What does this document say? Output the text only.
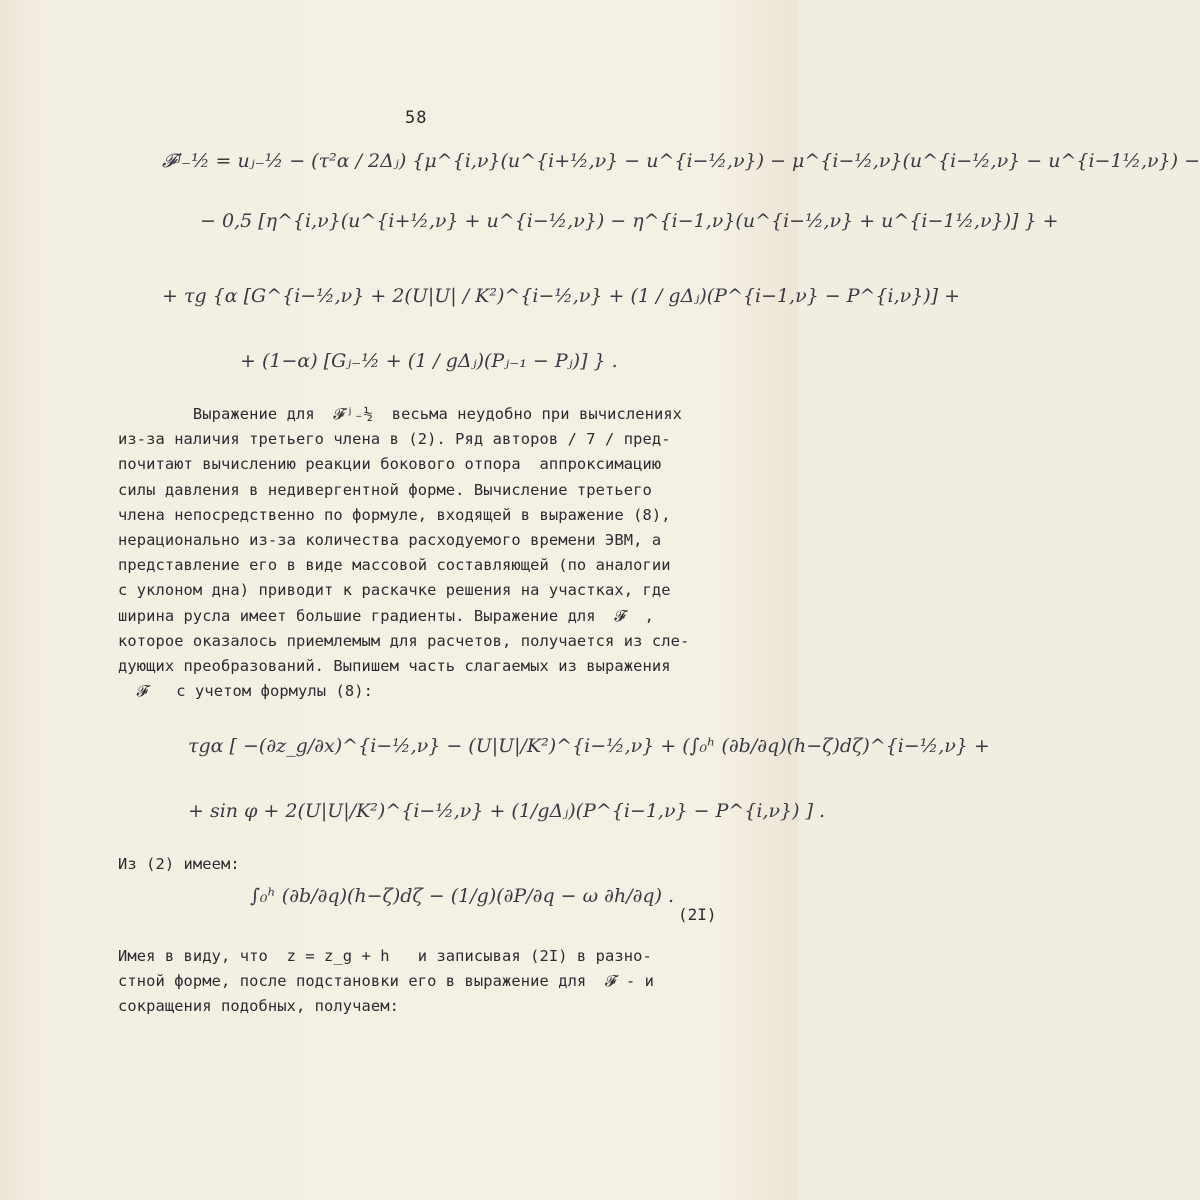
58

𝓕ʲ₋½ = uⱼ₋½ − (τ²α / 2Δⱼ) {μ^{i,ν}(u^{i+½,ν} − u^{i−½,ν}) − μ^{i−½,ν}(u^{i−½,ν} − u^{i−1½,ν}) −

− 0,5 [η^{i,ν}(u^{i+½,ν} + u^{i−½,ν}) − η^{i−1,ν}(u^{i−½,ν} + u^{i−1½,ν})] } +

+ τg {α [G^{i−½,ν} + 2(U|U| / K²)^{i−½,ν} + (1 / gΔⱼ)(P^{i−1,ν} − P^{i,ν})] +

+ (1−α) [Gⱼ₋½ + (1 / gΔⱼ)(Pⱼ₋₁ − Pⱼ)] } .

Выражение для  𝓕ʲ₋½  весьма неудобно при вычислениях
из-за наличия третьего члена в (2). Ряд авторов / 7 / пред-
почитают вычислению реакции бокового отпора  аппроксимацию
силы давления в недивергентной форме. Вычисление третьего
члена непосредственно по формуле, входящей в выражение (8),
нерационально из-за количества расходуемого времени ЭВМ, а
представление его в виде массовой составляющей (по аналогии
с уклоном дна) приводит к раскачке решения на участках, где
ширина русла имеет большие градиенты. Выражение для  𝓕  ,
которое оказалось приемлемым для расчетов, получается из сле-
дующих преобразований. Выпишем часть слагаемых из выражения
𝓕   с учетом формулы (8):

τgα [ −(∂z_g/∂x)^{i−½,ν} − (U|U|/K²)^{i−½,ν} + (∫₀ʰ (∂b/∂q)(h−ζ)dζ)^{i−½,ν} +

+ sin φ + 2(U|U|/K²)^{i−½,ν} + (1/gΔⱼ)(P^{i−1,ν} − P^{i,ν}) ] .

Из (2) имеем:

∫₀ʰ (∂b/∂q)(h−ζ)dζ − (1/g)(∂P/∂q − ω ∂h/∂q) .

(2I)

Имея в виду, что  z = z_g + h   и записывая (2I) в разно-
стной форме, после подстановки его в выражение для  𝓕 - и
сокращения подобных, получаем:
